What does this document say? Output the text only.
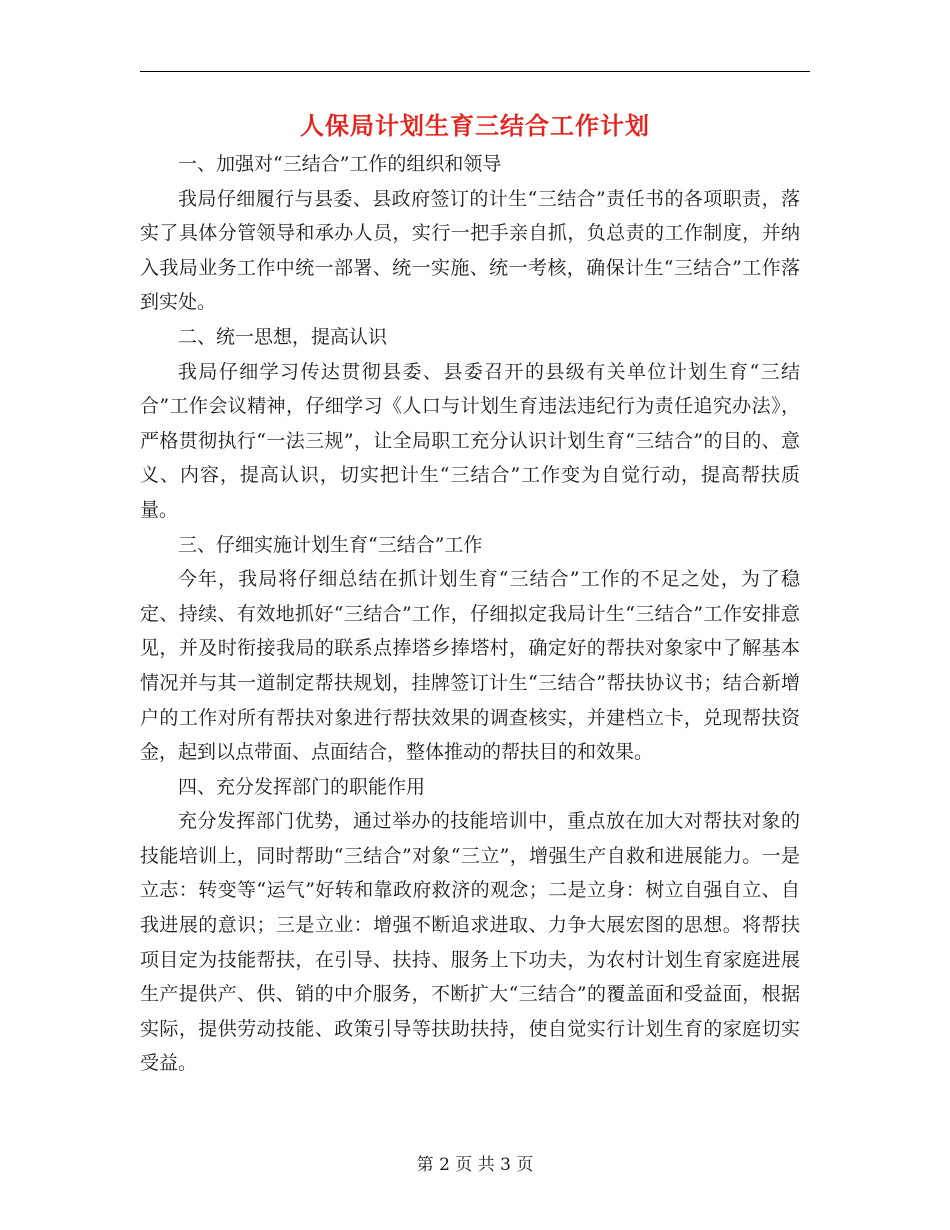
人保局计划生育三结合工作计划

一、加强对“三结合”工作的组织和领导

我局仔细履行与县委、县政府签订的计生“三结合”责任书的各项职责，落实了具体分管领导和承办人员，实行一把手亲自抓，负总责的工作制度，并纳入我局业务工作中统一部署、统一实施、统一考核，确保计生“三结合”工作落到实处。

二、统一思想，提高认识

我局仔细学习传达贯彻县委、县委召开的县级有关单位计划生育“三结合”工作会议精神，仔细学习《人口与计划生育违法违纪行为责任追究办法》，严格贯彻执行“一法三规”，让全局职工充分认识计划生育“三结合”的目的、意义、内容，提高认识，切实把计生“三结合”工作变为自觉行动，提高帮扶质量。

三、仔细实施计划生育“三结合”工作

今年，我局将仔细总结在抓计划生育“三结合”工作的不足之处，为了稳定、持续、有效地抓好“三结合”工作，仔细拟定我局计生“三结合”工作安排意见，并及时衔接我局的联系点捧塔乡捧塔村，确定好的帮扶对象家中了解基本情况并与其一道制定帮扶规划，挂牌签订计生“三结合”帮扶协议书；结合新增户的工作对所有帮扶对象进行帮扶效果的调查核实，并建档立卡，兑现帮扶资金，起到以点带面、点面结合，整体推动的帮扶目的和效果。

四、充分发挥部门的职能作用

充分发挥部门优势，通过举办的技能培训中，重点放在加大对帮扶对象的技能培训上，同时帮助“三结合”对象“三立”，增强生产自救和进展能力。一是立志：转变等“运气”好转和靠政府救济的观念；二是立身：树立自强自立、自我进展的意识；三是立业：增强不断追求进取、力争大展宏图的思想。将帮扶项目定为技能帮扶，在引导、扶持、服务上下功夫，为农村计划生育家庭进展生产提供产、供、销的中介服务，不断扩大“三结合”的覆盖面和受益面，根据实际，提供劳动技能、政策引导等扶助扶持，使自觉实行计划生育的家庭切实受益。

第 2 页 共 3 页
